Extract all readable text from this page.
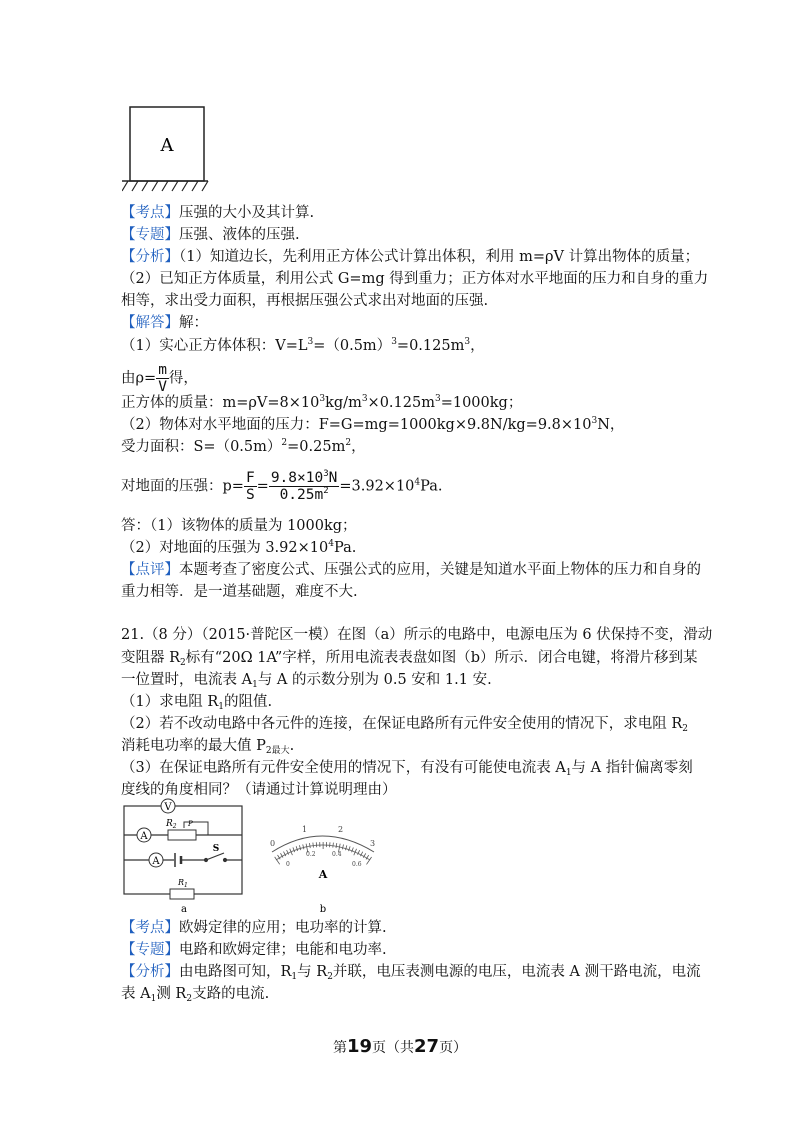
A
【考点】压强的大小及其计算.
【专题】压强、液体的压强.
【分析】（1）知道边长，先利用正方体公式计算出体积，利用 m=ρV 计算出物体的质量；
（2）已知正方体质量，利用公式 G=mg 得到重力；正方体对水平地面的压力和自身的重力
相等，求出受力面积，再根据压强公式求出对地面的压强.
【解答】解：
（1）实心正方体体积：$V=L^3=(0.5m)^3=0.125m^3$，
由$\rho= \frac{m}{V}$ 得，
正方体的质量：$m=\rho V=8\times 10^3kg/m^3\times 0.125m^3=1000kg$；
（2）物体对水平地面的压力：$F=G=mg=1000kg\times 9.8N/kg=9.8\times 10^3N$，
受力面积：$S=(0.5m)^2=0.25m^2$，
对地面的压强：$p= \frac{F}{S} = \frac{9.8\times 10^3N}{0.25m^2} =3.92\times 10^4Pa$.
答：（1）该物体的质量为 1000kg；
（2）对地面的压强为 $3.92\times 10^4Pa$.
【点评】本题考查了密度公式、压强公式的应用，关键是知道水平面上物体的压力和自身的
重力相等．是一道基础题，难度不大.
21.（8 分）（2015·普陀区一模）在图（a）所示的电路中，电源电压为 6 伏保持不变，滑动
变阻器 $R_2$标有“20Ω 1A”字样，所用电流表表盘如图（b）所示．闭合电键，将滑片移到某
一位置时，电流表 $A_1$与 A 的示数分别为 0.5 安和 1.1 安.
（1）求电阻 $R_1$的阻值.
（2）若不改动电路中各元件的连接，在保证电路所有元件安全使用的情况下，求电阻 $R_2$
消耗电功率的最大值 $P_{2最大}$.
（3）在保证电路所有元件安全使用的情况下，有没有可能使电流表 $A_1$与 A 指针偏离零刻
度线的角度相同？（请通过计算说明理由）
V
A
$R_2$ P
A
S
$R_1$
a
0
1	2
3
0
0.2	0.4
0.6
A
b
【考点】欧姆定律的应用；电功率的计算.
【专题】电路和欧姆定律；电能和电功率.
【分析】由电路图可知，$R_1$与 $R_2$并联，电压表测电源的电压，电流表 A 测干路电流，电流
表 $A_1$测 $R_2$支路的电流.
第19页（共27页）
